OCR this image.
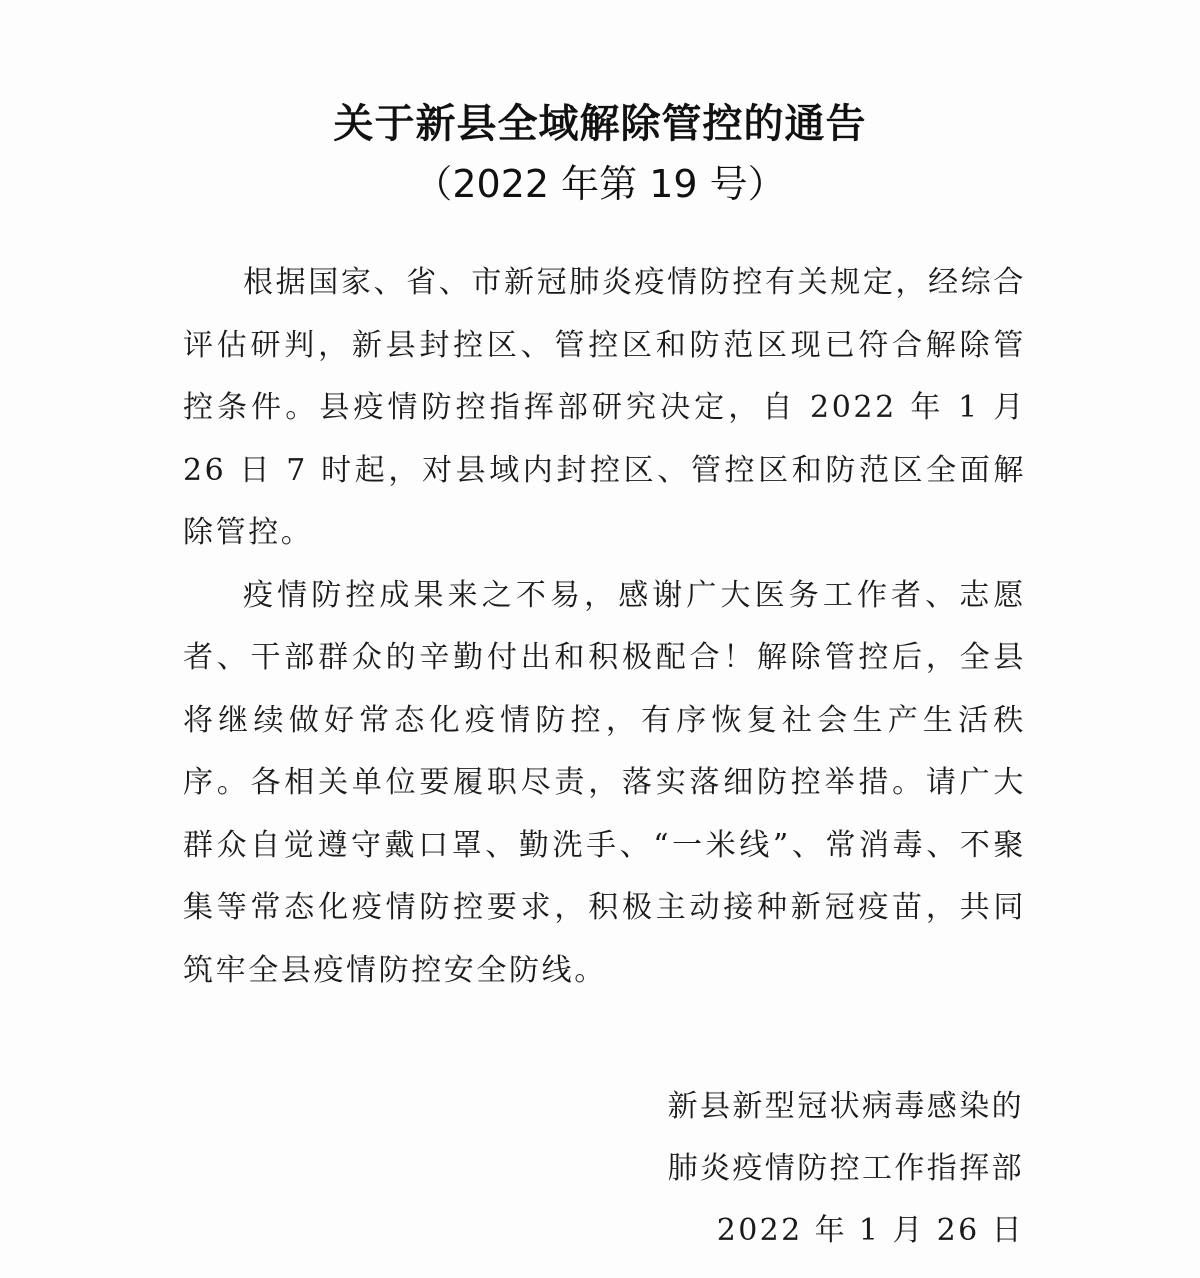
关于新县全域解除管控的通告
（2022 年第 19 号）

根据国家、省、市新冠肺炎疫情防控有关规定，经综合评估研判，新县封控区、管控区和防范区现已符合解除管控条件。县疫情防控指挥部研究决定，自 2022 年 1 月 26 日 7 时起，对县域内封控区、管控区和防范区全面解除管控。

疫情防控成果来之不易，感谢广大医务工作者、志愿者、干部群众的辛勤付出和积极配合！解除管控后，全县将继续做好常态化疫情防控，有序恢复社会生产生活秩序。各相关单位要履职尽责，落实落细防控举措。请广大群众自觉遵守戴口罩、勤洗手、“一米线”、常消毒、不聚集等常态化疫情防控要求，积极主动接种新冠疫苗，共同筑牢全县疫情防控安全防线。

新县新型冠状病毒感染的
肺炎疫情防控工作指挥部
2022 年 1 月 26 日
